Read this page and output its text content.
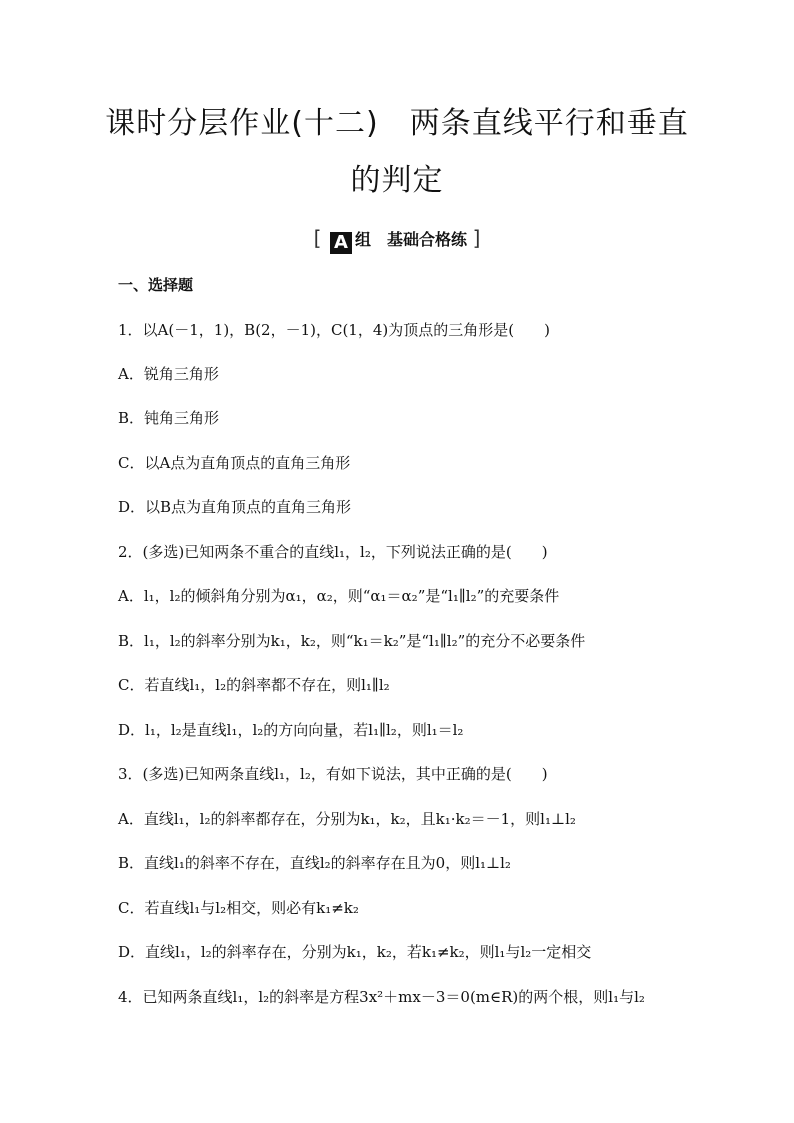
课时分层作业(十二)　两条直线平行和垂直
的判定
[ A 组　基础合格练 ]
一、选择题
1．以A(－1，1)，B(2，－1)，C(1，4)为顶点的三角形是(　　)
A．锐角三角形
B．钝角三角形
C．以A点为直角顶点的直角三角形
D．以B点为直角顶点的直角三角形
2．(多选)已知两条不重合的直线l₁，l₂，下列说法正确的是(　　)
A．l₁，l₂的倾斜角分别为α₁，α₂，则“α₁＝α₂”是“l₁∥l₂”的充要条件
B．l₁，l₂的斜率分别为k₁，k₂，则“k₁＝k₂”是“l₁∥l₂”的充分不必要条件
C．若直线l₁，l₂的斜率都不存在，则l₁∥l₂
D．l₁，l₂是直线l₁，l₂的方向向量，若l₁∥l₂，则l₁＝l₂
3．(多选)已知两条直线l₁，l₂，有如下说法，其中正确的是(　　)
A．直线l₁，l₂的斜率都存在，分别为k₁，k₂，且k₁·k₂＝－1，则l₁⊥l₂
B．直线l₁的斜率不存在，直线l₂的斜率存在且为0，则l₁⊥l₂
C．若直线l₁与l₂相交，则必有k₁≠k₂
D．直线l₁，l₂的斜率存在，分别为k₁，k₂，若k₁≠k₂，则l₁与l₂一定相交
4．已知两条直线l₁，l₂的斜率是方程3x²＋mx－3＝0(m∈R)的两个根，则l₁与l₂
